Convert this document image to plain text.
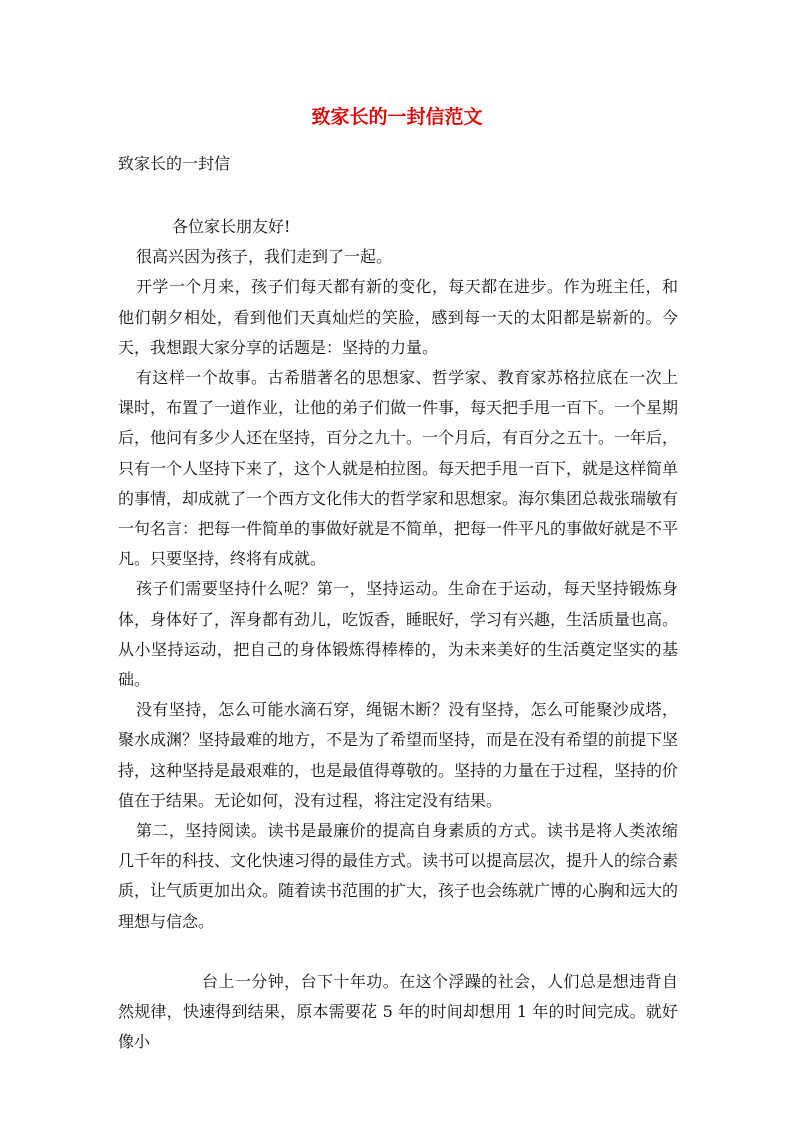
致家长的一封信范文
致家长的一封信

各位家长朋友好!

很高兴因为孩子，我们走到了一起。

开学一个月来，孩子们每天都有新的变化，每天都在进步。作为班主任，和他们朝夕相处，看到他们天真灿烂的笑脸，感到每一天的太阳都是崭新的。今天，我想跟大家分享的话题是：坚持的力量。

有这样一个故事。古希腊著名的思想家、哲学家、教育家苏格拉底在一次上课时，布置了一道作业，让他的弟子们做一件事，每天把手甩一百下。一个星期后，他问有多少人还在坚持，百分之九十。一个月后，有百分之五十。一年后，只有一个人坚持下来了，这个人就是柏拉图。每天把手甩一百下，就是这样简单的事情，却成就了一个西方文化伟大的哲学家和思想家。海尔集团总裁张瑞敏有一句名言：把每一件简单的事做好就是不简单，把每一件平凡的事做好就是不平凡。只要坚持，终将有成就。

孩子们需要坚持什么呢？第一，坚持运动。生命在于运动，每天坚持锻炼身体，身体好了，浑身都有劲儿，吃饭香，睡眠好，学习有兴趣，生活质量也高。从小坚持运动，把自己的身体锻炼得棒棒的，为未来美好的生活奠定坚实的基础。

没有坚持，怎么可能水滴石穿，绳锯木断？没有坚持，怎么可能聚沙成塔，聚水成渊？坚持最难的地方，不是为了希望而坚持，而是在没有希望的前提下坚持，这种坚持是最艰难的，也是最值得尊敬的。坚持的力量在于过程，坚持的价值在于结果。无论如何，没有过程，将注定没有结果。

第二，坚持阅读。读书是最廉价的提高自身素质的方式。读书是将人类浓缩几千年的科技、文化快速习得的最佳方式。读书可以提高层次，提升人的综合素质，让气质更加出众。随着读书范围的扩大，孩子也会练就广博的心胸和远大的理想与信念。

台上一分钟，台下十年功。在这个浮躁的社会，人们总是想违背自然规律，快速得到结果，原本需要花 5 年的时间却想用 1 年的时间完成。就好像小
